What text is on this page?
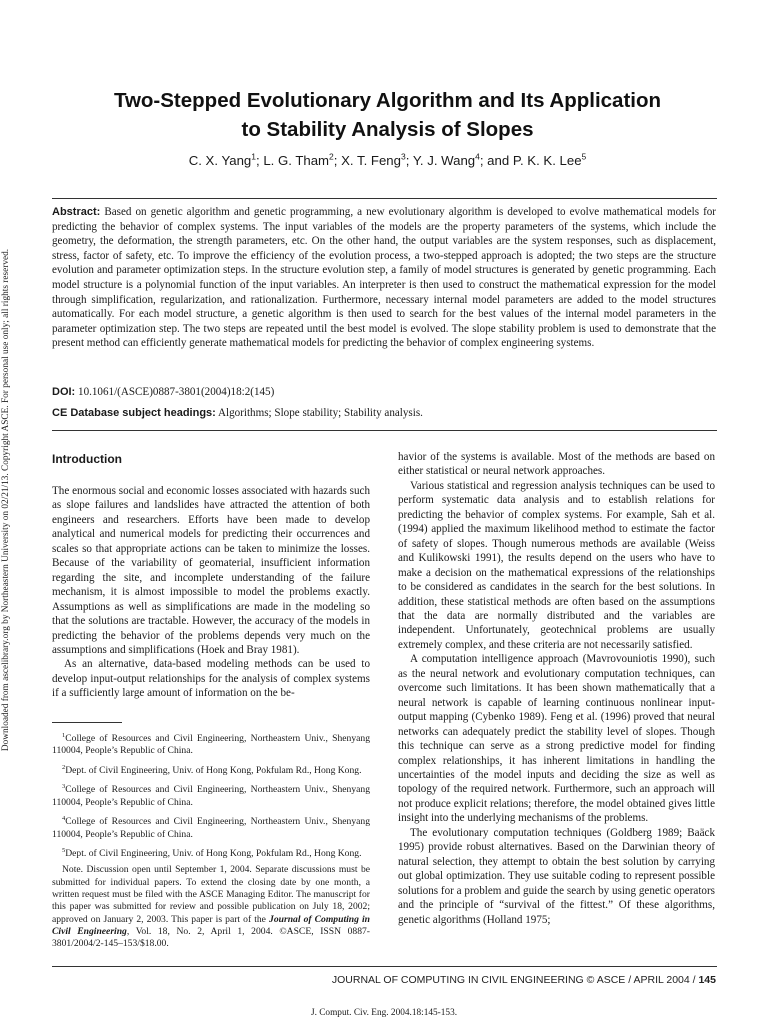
Downloaded from ascelibrary.org by Northeastern University on 02/21/13. Copyright ASCE. For personal use only; all rights reserved.
Two-Stepped Evolutionary Algorithm and Its Application
to Stability Analysis of Slopes
C. X. Yang$^1$; L. G. Tham$^2$; X. T. Feng$^3$; Y. J. Wang$^4$; and P. K. K. Lee$^5$

Abstract: Based on genetic algorithm and genetic programming, a new evolutionary algorithm is developed to evolve mathematical models for predicting the behavior of complex systems. The input variables of the models are the property parameters of the systems, which include the geometry, the deformation, the strength parameters, etc. On the other hand, the output variables are the system responses, such as displacement, stress, factor of safety, etc. To improve the efficiency of the evolution process, a two-stepped approach is adopted; the two steps are the structure evolution and parameter optimization steps. In the structure evolution step, a family of model structures is generated by genetic programming. Each model structure is a polynomial function of the input variables. An interpreter is then used to construct the mathematical expression for the model through simplification, regularization, and rationalization. Furthermore, necessary internal model parameters are added to the model structures automatically. For each model structure, a genetic algorithm is then used to search for the best values of the internal model parameters in the parameter optimization step. The two steps are repeated until the best model is evolved. The slope stability problem is used to demonstrate that the present method can efficiently generate mathematical models for predicting the behavior of complex engineering systems.

DOI: 10.1061/(ASCE)0887-3801(2004)18:2(145)
CE Database subject headings: Algorithms; Slope stability; Stability analysis.

Introduction

The enormous social and economic losses associated with hazards such as slope failures and landslides have attracted the attention of both engineers and researchers. Efforts have been made to develop analytical and numerical models for predicting their occurrences and scales so that appropriate actions can be taken to minimize the losses. Because of the variability of geomaterial, insufficient information regarding the site, and incomplete understanding of the failure mechanism, it is almost impossible to model the problems exactly. Assumptions as well as simplifications are made in the modeling so that the solutions are tractable. However, the accuracy of the models in predicting the behavior of the problems depends very much on the assumptions and simplifications (Hoek and Bray 1981).

As an alternative, data-based modeling methods can be used to develop input-output relationships for the analysis of complex systems if a sufficiently large amount of information on the be-

$^1$College of Resources and Civil Engineering, Northeastern Univ., Shenyang 110004, People’s Republic of China.

$^2$Dept. of Civil Engineering, Univ. of Hong Kong, Pokfulam Rd., Hong Kong.

$^3$College of Resources and Civil Engineering, Northeastern Univ., Shenyang 110004, People’s Republic of China.

$^4$College of Resources and Civil Engineering, Northeastern Univ., Shenyang 110004, People’s Republic of China.

$^5$Dept. of Civil Engineering, Univ. of Hong Kong, Pokfulam Rd., Hong Kong.

Note. Discussion open until September 1, 2004. Separate discussions must be submitted for individual papers. To extend the closing date by one month, a written request must be filed with the ASCE Managing Editor. The manuscript for this paper was submitted for review and possible publication on July 18, 2002; approved on January 2, 2003. This paper is part of the Journal of Computing in Civil Engineering, Vol. 18, No. 2, April 1, 2004. ©ASCE, ISSN 0887-3801/2004/2-145–153/$18.00.

havior of the systems is available. Most of the methods are based on either statistical or neural network approaches.

Various statistical and regression analysis techniques can be used to perform systematic data analysis and to establish relations for predicting the behavior of complex systems. For example, Sah et al. (1994) applied the maximum likelihood method to estimate the factor of safety of slopes. Though numerous methods are available (Weiss and Kulikowski 1991), the results depend on the users who have to make a decision on the mathematical expressions of the relationships to be considered as candidates in the search for the best solutions. In addition, these statistical methods are often based on the assumptions that the data are normally distributed and the variables are independent. Unfortunately, geotechnical problems are usually extremely complex, and these criteria are not necessarily satisfied.

A computation intelligence approach (Mavrovouniotis 1990), such as the neural network and evolutionary computation techniques, can overcome such limitations. It has been shown mathematically that a neural network is capable of learning continuous nonlinear input-output mapping (Cybenko 1989). Feng et al. (1996) proved that neural networks can adequately predict the stability level of slopes. Though this technique can serve as a strong predictive model for finding complex relationships, it has inherent limitations in handling the uncertainties of the model inputs and deciding the size as well as topology of the required network. Furthermore, such an approach will not produce explicit relations; therefore, the model obtained gives little insight into the underlying mechanisms of the problems.

The evolutionary computation techniques (Goldberg 1989; Baäck 1995) provide robust alternatives. Based on the Darwinian theory of natural selection, they attempt to obtain the best solution by carrying out global optimization. They use suitable coding to represent possible solutions for a problem and guide the search by using genetic operators and the principle of “survival of the fittest.” Of these algorithms, genetic algorithms (Holland 1975;

JOURNAL OF COMPUTING IN CIVIL ENGINEERING © ASCE / APRIL 2004 / 145
J. Comput. Civ. Eng. 2004.18:145-153.
